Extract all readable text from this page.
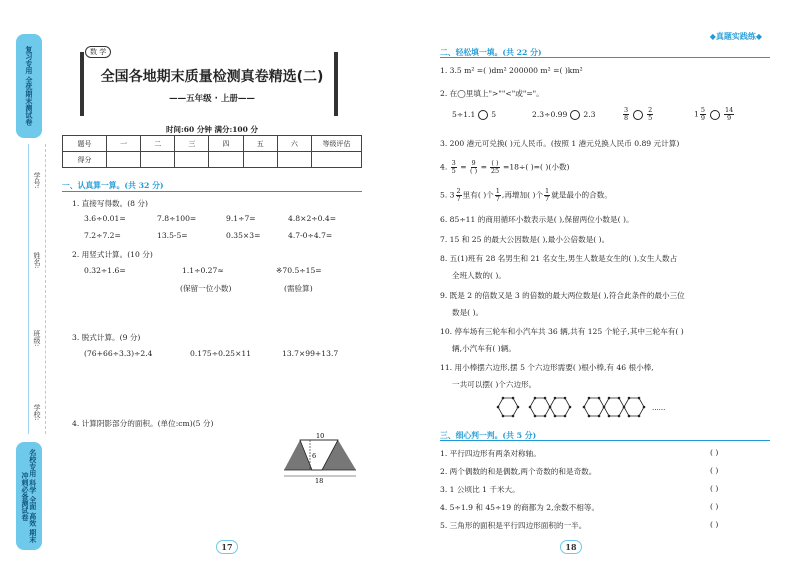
复习专用 全优期末测试卷
学号:
姓名:
班级:
学校:
名校专用 科学 全面 高效 期末冲刺必备测试卷
数 学
全国各地期末质量检测真卷精选(二)
——五年级 · 上册——
时间:60 分钟 满分:100 分
题号	一	二	三	四	五	六	等级评估
得分							
一、认真算一算。(共 32 分)
1. 直接写得数。(8 分)
3.6÷0.01=	7.8÷100=	9.1÷7=	4.8×2÷0.4=
7.2÷7.2=	13.5-5=	0.35×3=	4.7-0÷4.7=
2. 用竖式计算。(10 分)
0.32÷1.6=	1.1÷0.27≈	※70.5÷15=
(保留一位小数)	(需验算)
3. 脱式计算。(9 分)
(76+66÷3.3)÷2.4	0.175÷0.25×11	13.7×99+13.7
4. 计算阴影部分的面积。(单位:cm)(5 分)
10
6
18
17
◆真题实践练◆
二、轻松填一填。(共 22 分)
1. 3.5 m² =( )dm² 200000 m² =( )km²
2. 在◯里填上">""<"或"="。
5÷1.1 5	2.3÷0.99 2.3	$\frac{3}{8}$	$\frac{2}{5}$	$1 \frac{5}{9}$	$\frac{14}{9}$
3. 200 港元可兑换( )元人民币。(按照 1 港元兑换人民币 0.89 元计算)
4. $\frac{3}{5} = \frac{9}{( )} = \frac{( )}{25} =18\div$( )=( )(小数)
5. $3 \frac{2}{7}$ 里有( )个 $\frac{1}{7}$ ,再增加( )个 $\frac{1}{7}$ 就是最小的合数。
6. 85÷11 的商用循环小数表示是( ),保留两位小数是( )。
7. 15 和 25 的最大公因数是( ),最小公倍数是( )。
8. 五(1)班有 28 名男生和 21 名女生,男生人数是女生的( ),女生人数占
全班人数的( )。
9. 既是 2 的倍数又是 3 的倍数的最大两位数是( ),符合此条件的最小三位
数是( )。
10. 停车场有三轮车和小汽车共 36 辆,共有 125 个轮子,其中三轮车有( )
辆,小汽车有( )辆。
11. 用小棒摆六边形,摆 5 个六边形需要( )根小棒,有 46 根小棒,
一共可以摆( )个六边形。
......
三、细心判一判。(共 5 分)
1. 平行四边形有两条对称轴。	( )
2. 两个偶数的和是偶数,两个奇数的和是奇数。	( )
3. 1 公顷比 1 千米大。	( )
4. 5÷1.9 和 45÷19 的商都为 2,余数不相等。	( )
5. 三角形的面积是平行四边形面积的一半。	( )
18
